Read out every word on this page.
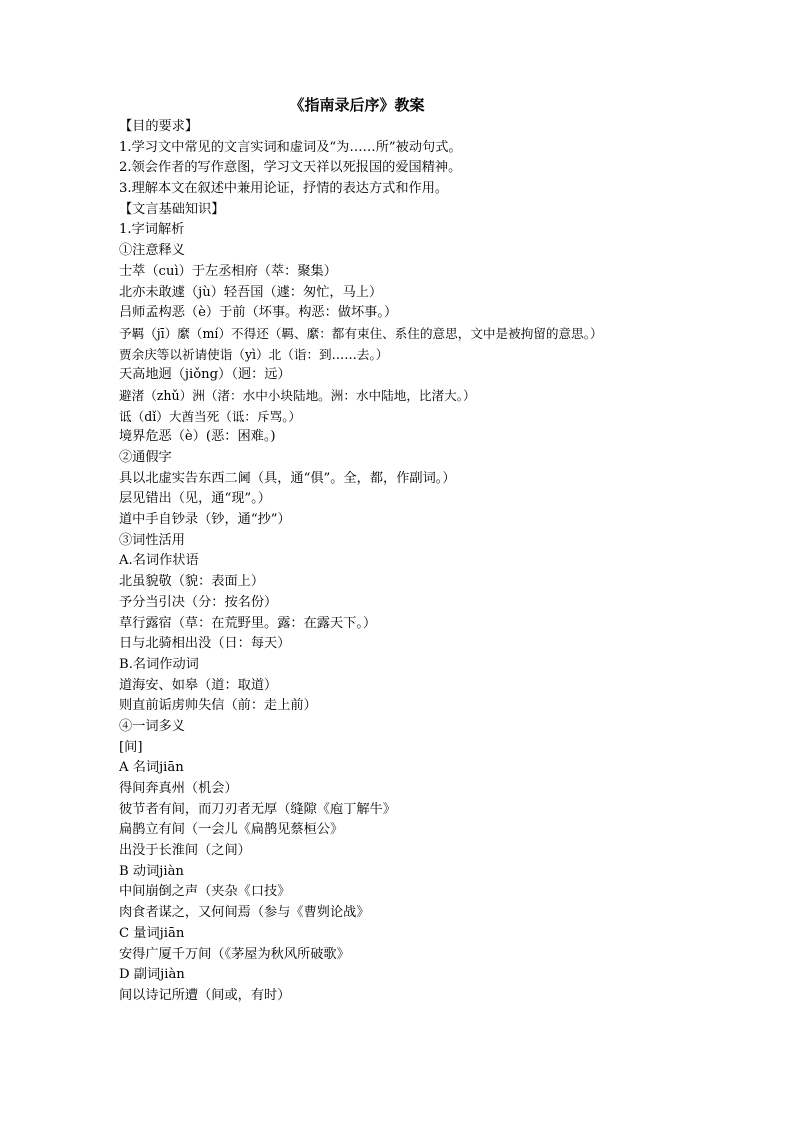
《指南录后序》教案
【目的要求】
1.学习文中常见的文言实词和虚词及“为……所”被动句式。
2.领会作者的写作意图，学习文天祥以死报国的爱国精神。
3.理解本文在叙述中兼用论证，抒情的表达方式和作用。
【文言基础知识】
1.字词解析
①注意释义
士萃（cuì）于左丞相府（萃：聚集）
北亦未敢遽（jù）轻吾国（遽：匆忙，马上）
吕师孟构恶（è）于前（坏事。构恶：做坏事。）
予羁（jī）縻（mí）不得还（羁、縻：都有束住、系住的意思，文中是被拘留的意思。）
贾余庆等以祈请使诣（yì）北（诣：到……去。）
天高地迥（jiǒng）（迥：远）
避渚（zhǔ）洲（渚：水中小块陆地。洲：水中陆地，比渚大。）
诋（dǐ）大酋当死（诋：斥骂。）
境界危恶（è）(恶：困难。)
②通假字
具以北虚实告东西二阃（具，通“俱”。全，都，作副词。）
层见错出（见，通“现”。）
道中手自钞录（钞，通“抄”）
③词性活用
A.名词作状语
北虽貌敬（貌：表面上）
予分当引决（分：按名份）
草行露宿（草：在荒野里。露：在露天下。）
日与北骑相出没（日：每天）
B.名词作动词
道海安、如皋（道：取道）
则直前诟虏帅失信（前：走上前）
④一词多义
[间]
A 名词jiān
得间奔真州（机会）
彼节者有间，而刀刃者无厚（缝隙《庖丁解牛》
扁鹊立有间（一会儿《扁鹊见蔡桓公》
出没于长淮间（之间）
B 动词jiàn
中间崩倒之声（夹杂《口技》
肉食者谋之，又何间焉（参与《曹刿论战》
C 量词jiān
安得广厦千万间（《茅屋为秋风所破歌》
D 副词jiàn
间以诗记所遭（间或，有时）
